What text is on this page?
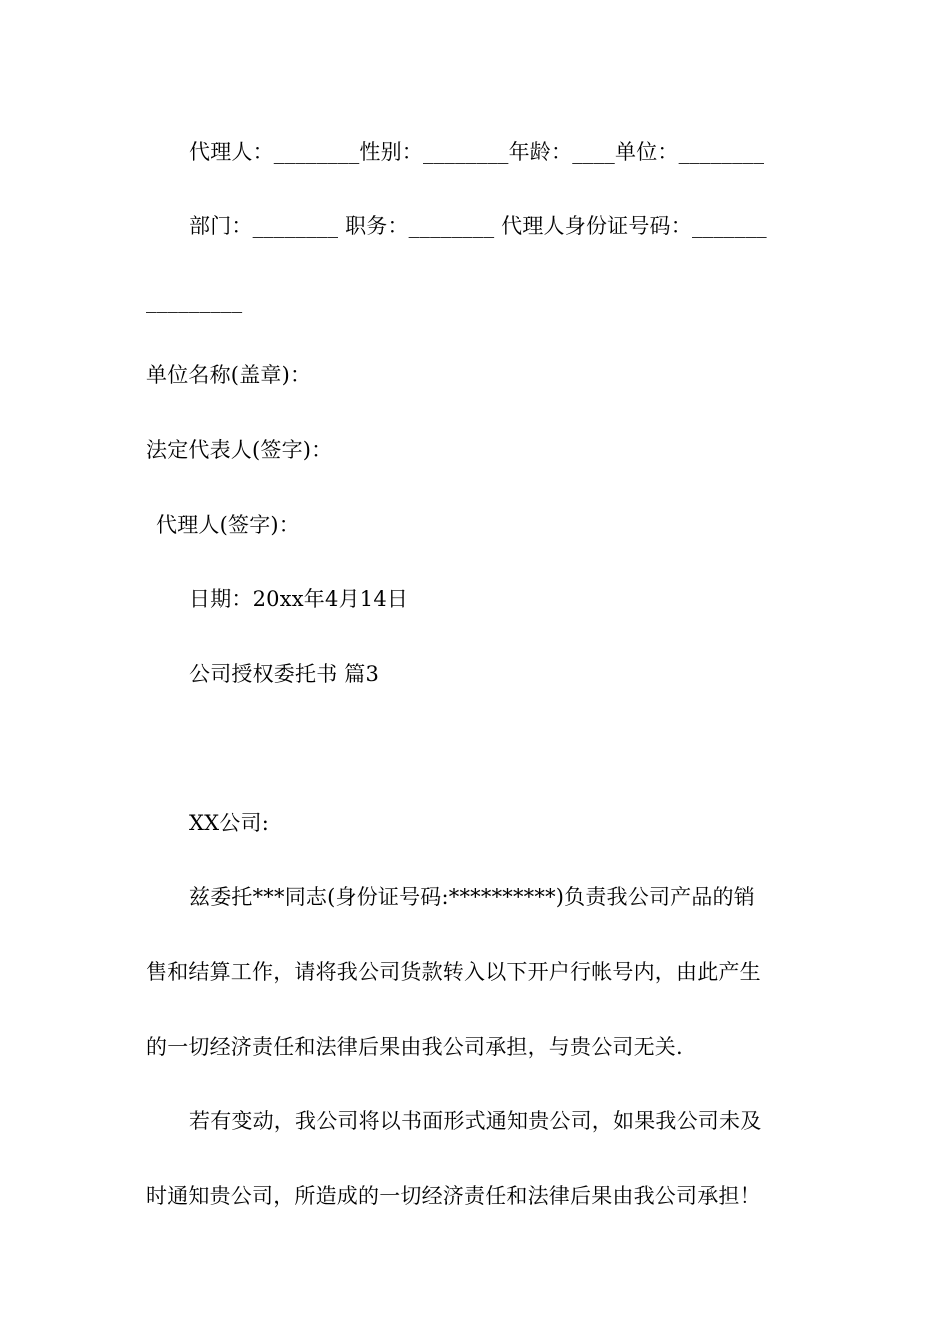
代理人：________性别：________年龄：____单位：________
部门：________ 职务：________ 代理人身份证号码：_______
_________
单位名称(盖章)：
法定代表人(签字)：
代理人(签字)：
日期：20xx年4月14日
公司授权委托书 篇3
XX公司:
兹委托***同志(身份证号码:**********)负责我公司产品的销
售和结算工作，请将我公司货款转入以下开户行帐号内，由此产生
的一切经济责任和法律后果由我公司承担，与贵公司无关.
若有变动，我公司将以书面形式通知贵公司，如果我公司未及
时通知贵公司，所造成的一切经济责任和法律后果由我公司承担！
